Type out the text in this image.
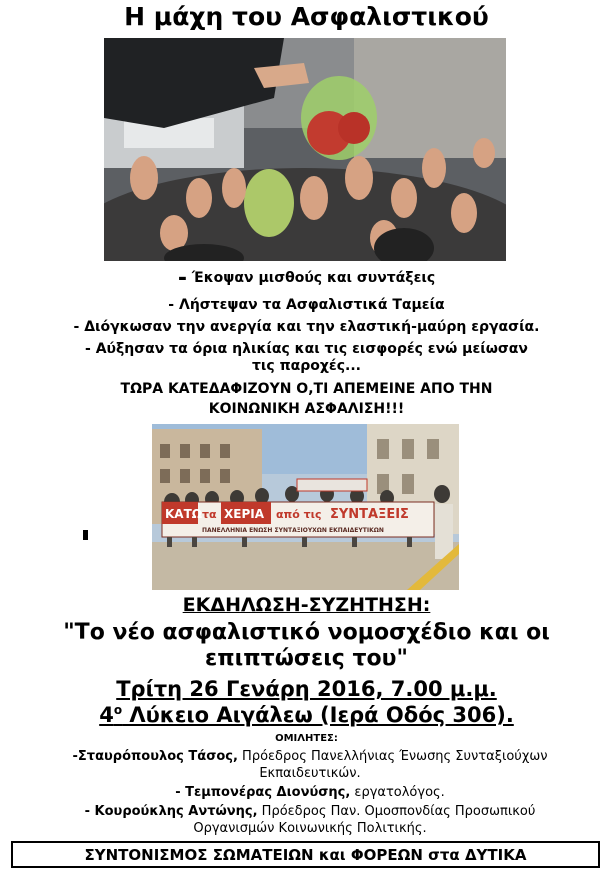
Η μάχη του Ασφαλιστικού
- Έκοψαν μισθούς και συντάξεις
- Λήστεψαν τα Ασφαλιστικά Ταμεία
- Διόγκωσαν την ανεργία και την ελαστική-μαύρη εργασία.
- Αύξησαν τα όρια ηλικίας και τις εισφορές ενώ μείωσαν
τις παροχές...
ΤΩΡΑ ΚΑΤΕΔΑΦΙΖΟΥΝ Ο,ΤΙ ΑΠΕΜΕΙΝΕ ΑΠΟ ΤΗΝ
ΚΟΙΝΩΝΙΚΗ ΑΣΦΑΛΙΣΗ!!!
ΚΑΤΩ τα ΧΕΡΙΑ από τις ΣΥΝΤΑΞΕΙΣ
ΠΑΝΕΛΛΗΝΙΑ ΕΝΩΣΗ ΣΥΝΤΑΞΙΟΥΧΩΝ ΕΚΠΑΙΔΕΥΤΙΚΩΝ
ΕΚΔΗΛΩΣΗ-ΣΥΖΗΤΗΣΗ:
"Το νέο ασφαλιστικό νομοσχέδιο και οι επιπτώσεις του"
Τρίτη 26 Γενάρη 2016, 7.00 μ.μ.
$4^o$ Λύκειο Αιγάλεω (Ιερά Οδός 306).
ΟΜΙΛΗΤΕΣ:
-Σταυρόπουλος Τάσος, Πρόεδρος Πανελλήνιας Ένωσης Συνταξιούχων
Εκπαιδευτικών.
- Τεμπονέρας Διονύσης, εργατολόγος.
- Κουρούκλης Αντώνης, Πρόεδρος Παν. Ομοσπονδίας Προσωπικού
Οργανισμών Κοινωνικής Πολιτικής.
ΣΥΝΤΟΝΙΣΜΟΣ ΣΩΜΑΤΕΙΩΝ και ΦΟΡΕΩΝ στα ΔΥΤΙΚΑ
